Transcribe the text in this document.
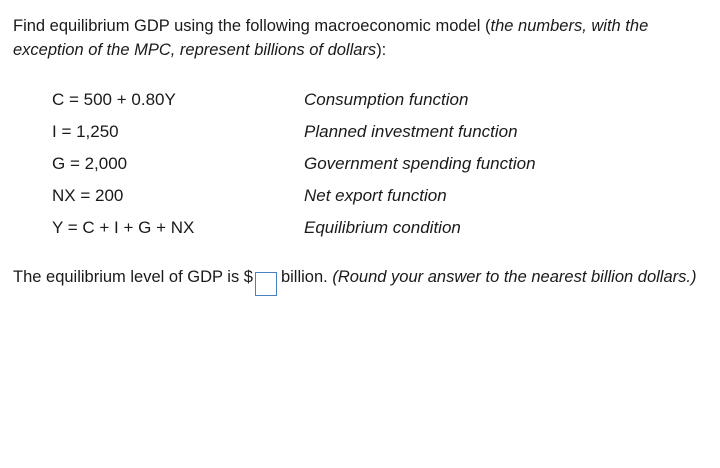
Find equilibrium GDP using the following macroeconomic model (the numbers, with the exception of the MPC, represent billions of dollars):
C = 500 + 0.80Y	Consumption function
I = 1,250	Planned investment function
G = 2,000	Government spending function
NX = 200	Net export function
Y = C + I + G + NX	Equilibrium condition
The equilibrium level of GDP is $ billion. (Round your answer to the nearest billion dollars.)
